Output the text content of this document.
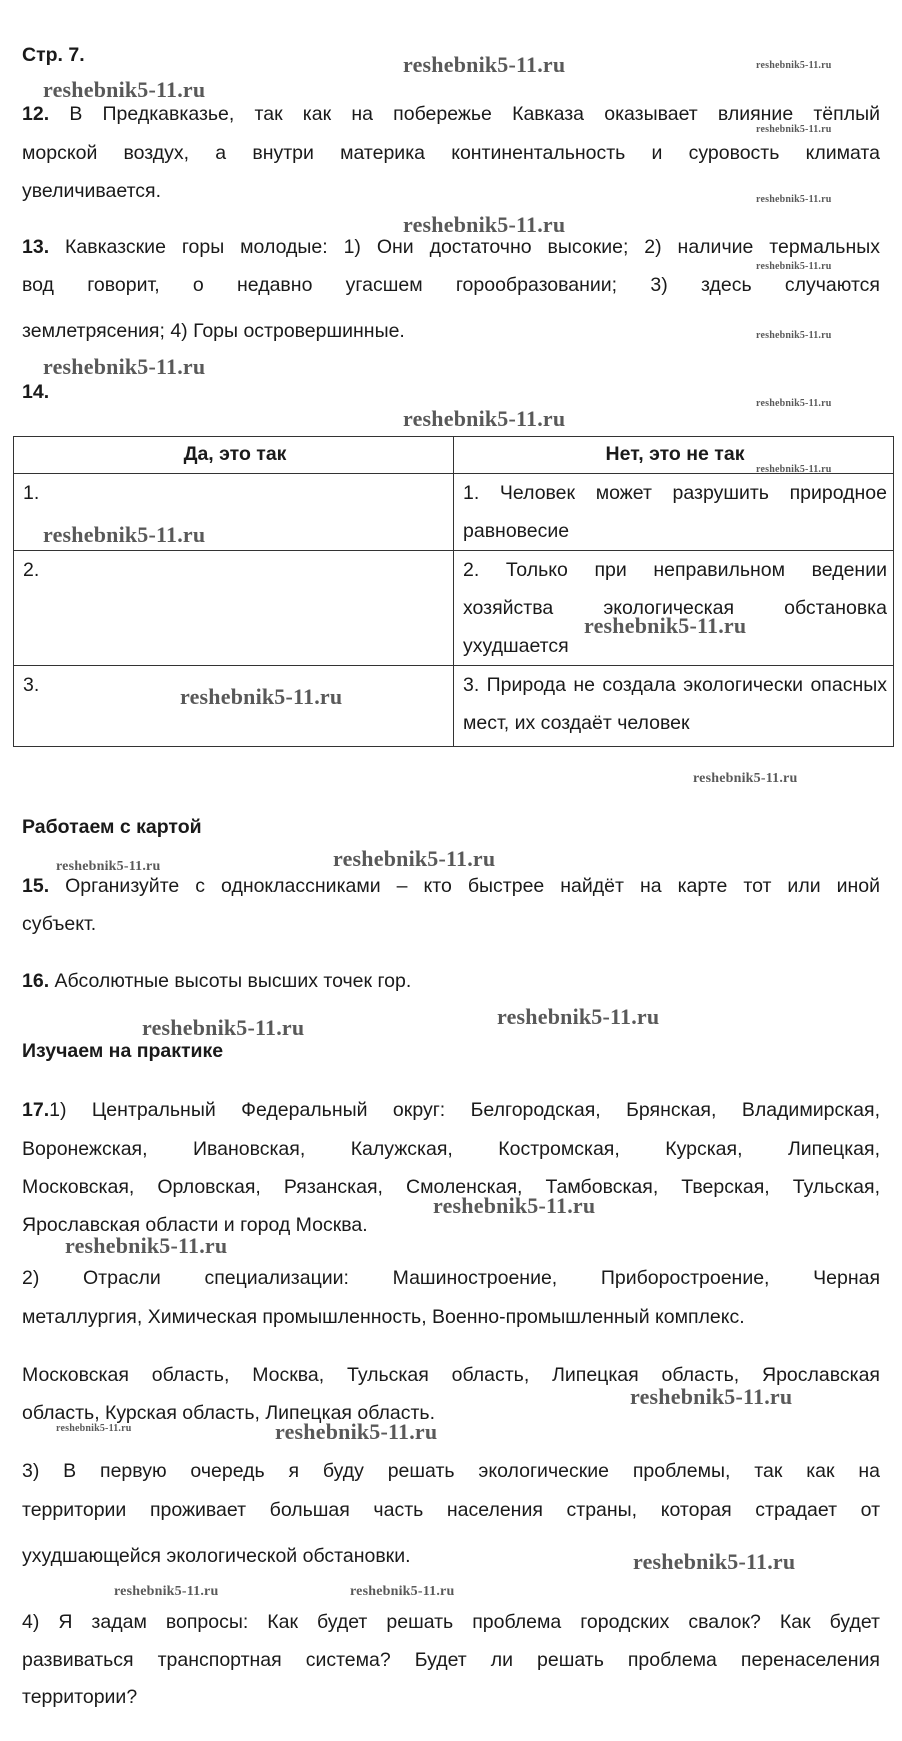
Стр. 7.
12. В Предкавказье, так как на побережье Кавказа оказывает влияние тёплый
морской воздух, а внутри материка континентальность и суровость климата
увеличивается.
13. Кавказские горы молодые: 1) Они достаточно высокие; 2) наличие термальных
вод говорит, о недавно угасшем горообразовании; 3) здесь случаются
землетрясения; 4) Горы островершинные.
14.
Да, это так	Нет, это не так
1.	1. Человек может разрушить природное равновесие
2.	2. Только при неправильном ведении хозяйства экологическая обстановка ухудшается
3.	3. Природа не создала экологически опасных мест, их создаёт человек
Работаем с картой
15. Организуйте с одноклассниками – кто быстрее найдёт на карте тот или иной
субъект.
16. Абсолютные высоты высших точек гор.
Изучаем на практике
17.1) Центральный Федеральный округ: Белгородская, Брянская, Владимирская,
Воронежская, Ивановская, Калужская, Костромская, Курская, Липецкая,
Московская, Орловская, Рязанская, Смоленская, Тамбовская, Тверская, Тульская,
Ярославская области и город Москва.
2) Отрасли специализации: Машиностроение, Приборостроение, Черная
металлургия, Химическая промышленность, Военно-промышленный комплекс.
Московская область, Москва, Тульская область, Липецкая область, Ярославская
область, Курская область, Липецкая область.
3) В первую очередь я буду решать экологические проблемы, так как на
территории проживает большая часть населения страны, которая страдает от
ухудшающейся экологической обстановки.
4) Я задам вопросы: Как будет решать проблема городских свалок? Как будет
развиваться транспортная система? Будет ли решать проблема перенаселения
территории?
reshebnik5-11.ru	reshebnik5-11.ru
reshebnik5-11.ru
reshebnik5-11.ru
reshebnik5-11.ru
reshebnik5-11.ru
reshebnik5-11.ru
reshebnik5-11.ru
reshebnik5-11.ru
reshebnik5-11.ru
reshebnik5-11.ru
reshebnik5-11.ru
reshebnik5-11.ru
reshebnik5-11.ru
reshebnik5-11.ru
reshebnik5-11.ru
reshebnik5-11.ru	reshebnik5-11.ru
reshebnik5-11.ru
reshebnik5-11.ru
reshebnik5-11.ru
reshebnik5-11.ru
reshebnik5-11.ru
reshebnik5-11.ru	reshebnik5-11.ru
reshebnik5-11.ru
reshebnik5-11.ru	reshebnik5-11.ru
